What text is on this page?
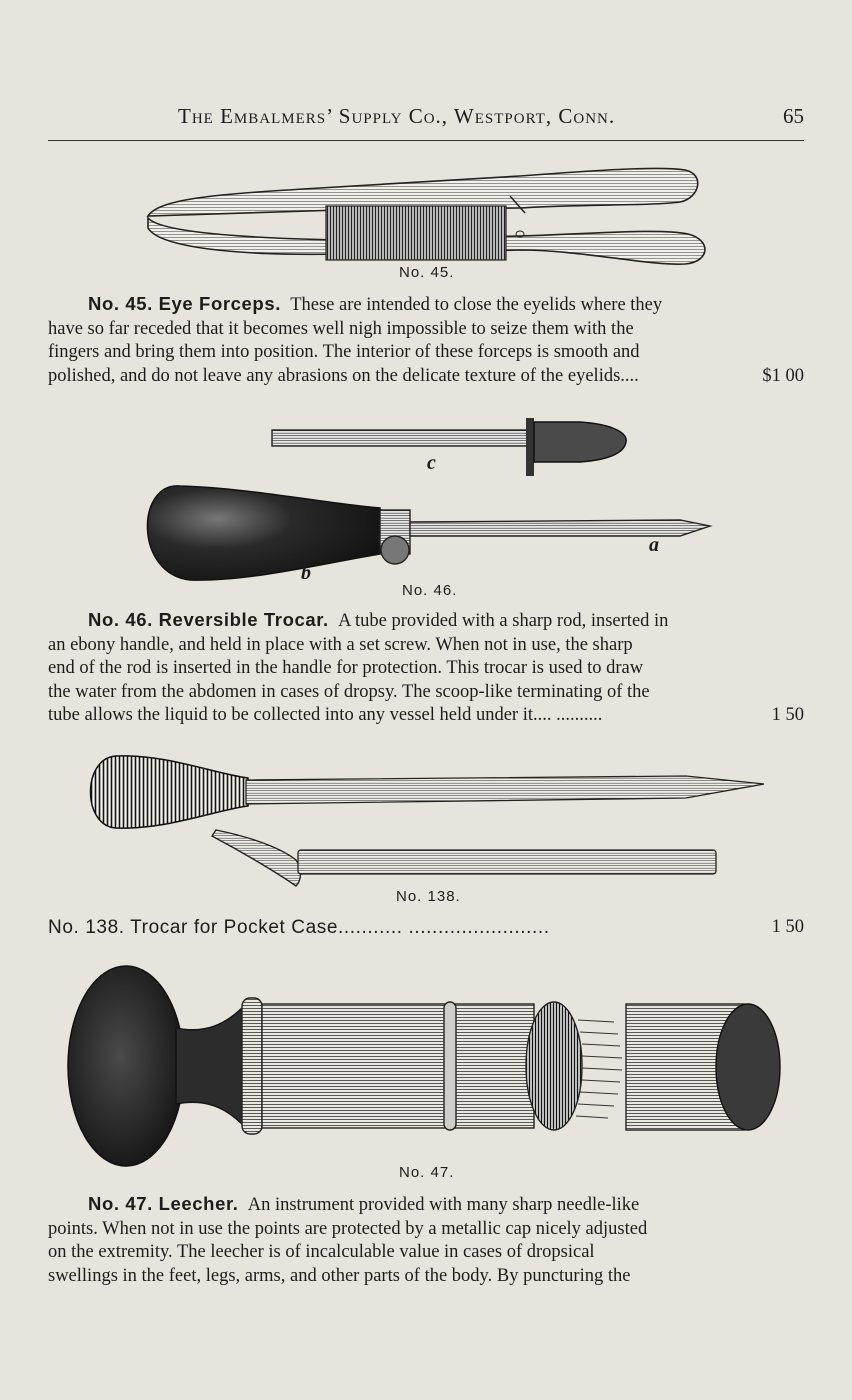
The Embalmers’ Supply Co., Westport, Conn.	65
No. 45.
No. 45. Eye Forceps. These are intended to close the eyelids where they
have so far receded that it becomes well nigh impossible to seize them with the
fingers and bring them into position. The interior of these forceps is smooth and
polished, and do not leave any abrasions on the delicate texture of the eyelids....	$1 00
c
a
b
No. 46.
No. 46. Reversible Trocar. A tube provided with a sharp rod, inserted in
an ebony handle, and held in place with a set screw. When not in use, the sharp
end of the rod is inserted in the handle for protection. This trocar is used to draw
the water from the abdomen in cases of dropsy. The scoop-like terminating of the
tube allows the liquid to be collected into any vessel held under it.... ..........	1 50
No. 138.
No. 138. Trocar for Pocket Case........... ........................	1 50
No. 47.
No. 47. Leecher. An instrument provided with many sharp needle-like
points. When not in use the points are protected by a metallic cap nicely adjusted
on the extremity. The leecher is of incalculable value in cases of dropsical
swellings in the feet, legs, arms, and other parts of the body. By puncturing the
